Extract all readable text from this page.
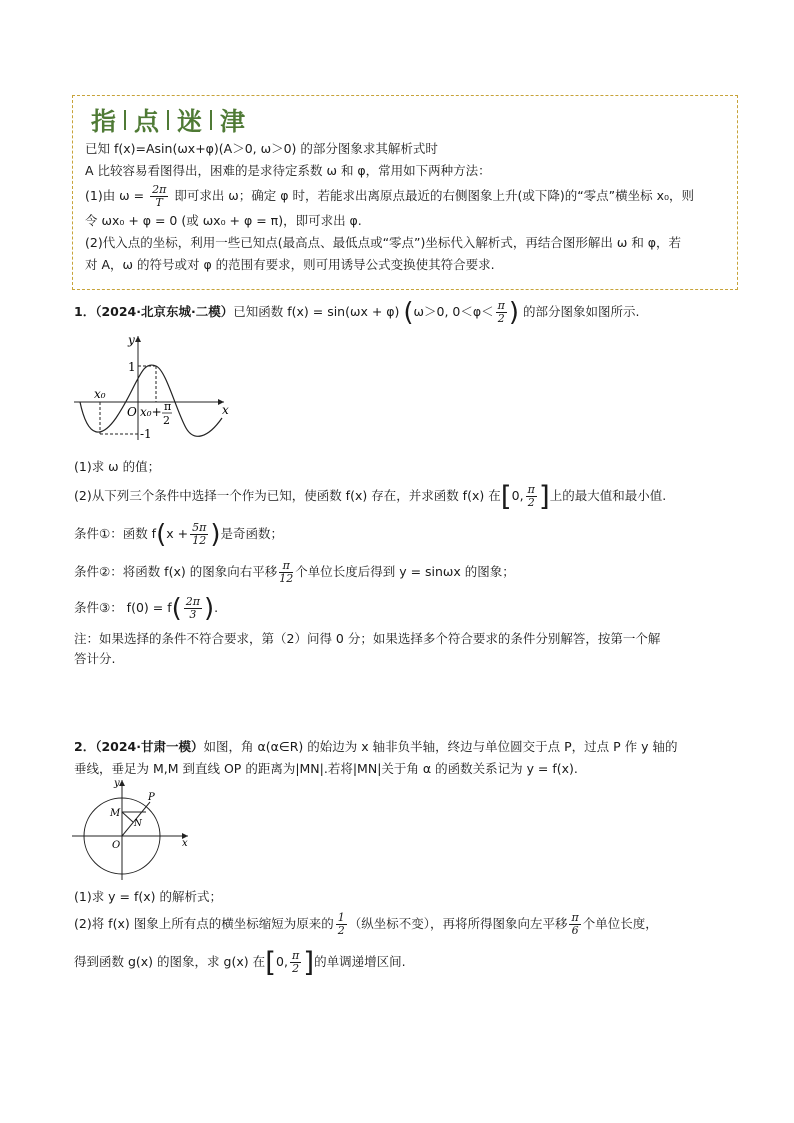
指 点 迷 津

已知 f(x)=Asin(ωx+φ)(A＞0, ω＞0) 的部分图象求其解析式时

A 比较容易看图得出，困难的是求待定系数 ω 和 φ，常用如下两种方法：

(1)由 $\omega = \frac{2\pi}{T}$ 即可求出 ω；确定 φ 时，若能求出离原点最近的右侧图象上升(或下降)的“零点”横坐标 x₀，则

令 ωx₀ + φ = 0 (或 ωx₀ + φ = π)，即可求出 φ.

(2)代入点的坐标，利用一些已知点(最高点、最低点或“零点”)坐标代入解析式，再结合图形解出 ω 和 φ，若

对 A，ω 的符号或对 φ 的范围有要求，则可用诱导公式变换使其符合要求.

1．（2024·北京东城·二模）已知函数 f(x) = sin(ωx + φ) (ω＞0, $0<\varphi< \frac{\pi}{2}$ ) 的部分图象如图所示.
y
x
O
x₀
x₀+ π
2
1
-1
(1)求 ω 的值；
(2)从下列三个条件中选择一个作为已知，使函数 f(x) 存在，并求函数 f(x) 在[0, $\frac{\pi}{2}$ ]上的最大值和最小值.
条件①：函数 $f(x + \frac{5\pi}{12}$ )是奇函数；
条件②：将函数 f(x) 的图象向右平移 $\frac{\pi}{12}$ 个单位长度后得到 y = sinωx 的图象；
条件③： $f(0) = f( \frac{2\pi}{3}$ ).
注：如果选择的条件不符合要求，第（2）问得 0 分；如果选择多个符合要求的条件分别解答，按第一个解
答计分.
2．（2024·甘肃一模）如图，角 α(α∈R) 的始边为 x 轴非负半轴，终边与单位圆交于点 P，过点 P 作 y 轴的
垂线，垂足为 M,M 到直线 OP 的距离为|MN|.若将|MN|关于角 α 的函数关系记为 y = f(x).
y
x
O
M
N
P
(1)求 y = f(x) 的解析式；
(2)将 f(x) 图象上所有点的横坐标缩短为原来的 $\frac{1}{2}$ （纵坐标不变），再将所得图象向左平移 $\frac{\pi}{6}$ 个单位长度，
得到函数 g(x) 的图象，求 g(x) 在[0, $\frac{\pi}{2}$ ]的单调递增区间.
